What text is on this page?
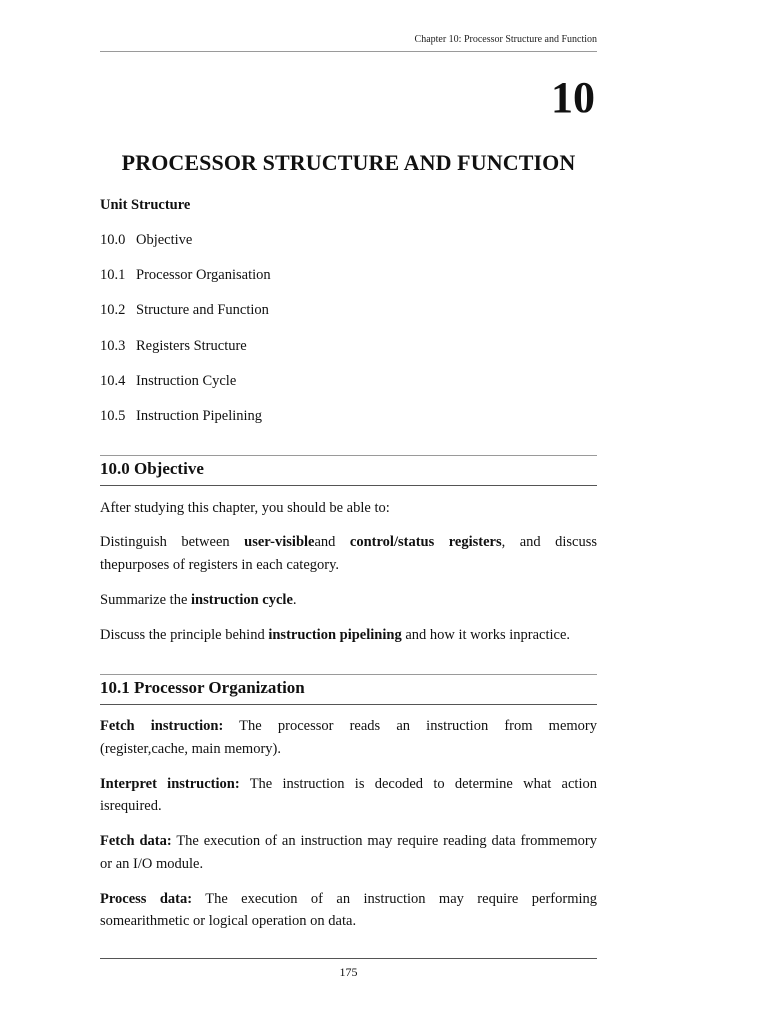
Chapter 10: Processor Structure and Function
10
PROCESSOR STRUCTURE AND FUNCTION
Unit Structure
10.0 Objective
10.1 Processor Organisation
10.2 Structure and Function
10.3 Registers Structure
10.4 Instruction Cycle
10.5 Instruction Pipelining
10.0 Objective
After studying this chapter, you should be able to:
Distinguish between user-visibleand control/status registers, and discuss
thepurposes of registers in each category.
Summarize the instruction cycle.
Discuss the principle behind instruction pipelining and how it works inpractice.
10.1 Processor Organization
Fetch instruction: The processor reads an instruction from memory
(register,cache, main memory).
Interpret instruction: The instruction is decoded to determine what action
isrequired.
Fetch data: The execution of an instruction may require reading data frommemory
or an I/O module.
Process data: The execution of an instruction may require performing
somearithmetic or logical operation on data.
175
